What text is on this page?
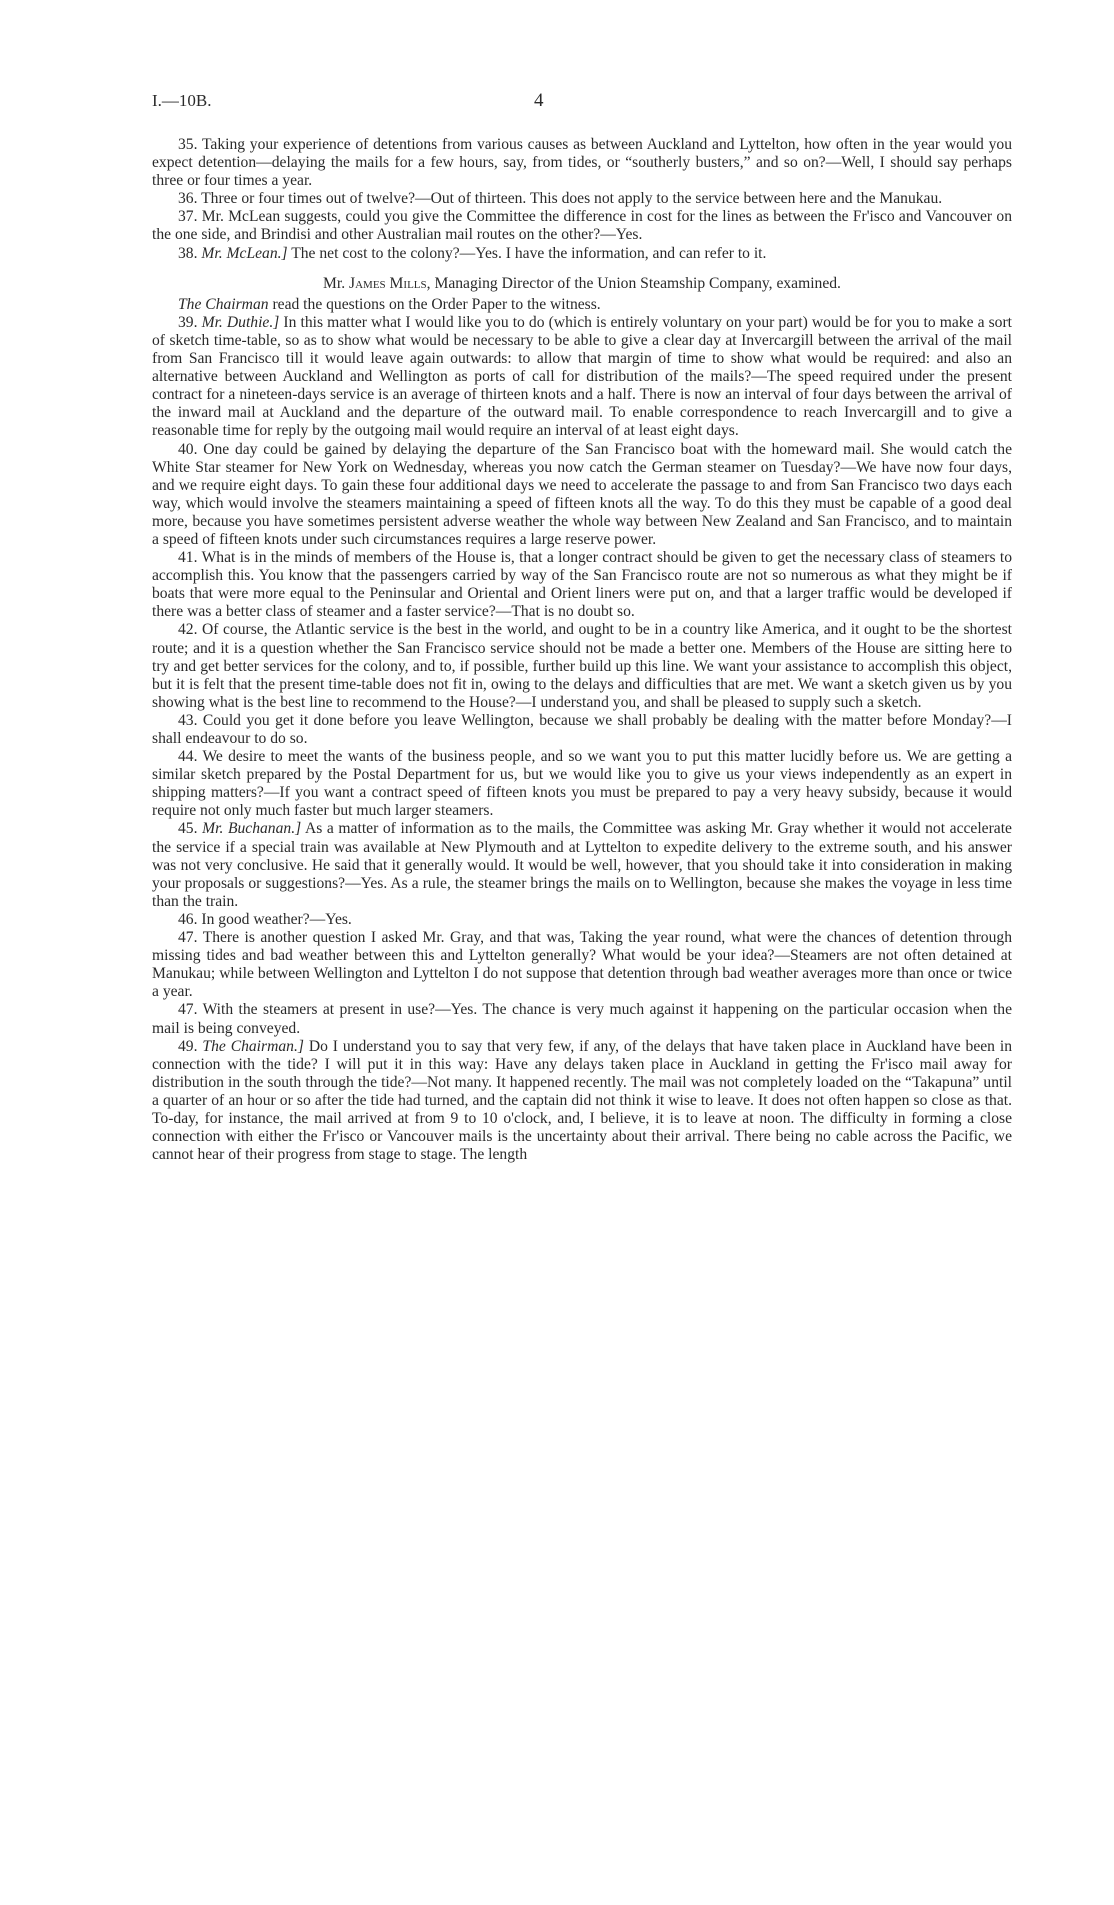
I.—10B.	4

35. Taking your experience of detentions from various causes as between Auckland and Lyttelton, how often in the year would you expect detention—delaying the mails for a few hours, say, from tides, or “southerly busters,” and so on?—Well, I should say perhaps three or four times a year.

36. Three or four times out of twelve?—Out of thirteen. This does not apply to the service between here and the Manukau.

37. Mr. McLean suggests, could you give the Committee the difference in cost for the lines as between the Fr'isco and Vancouver on the one side, and Brindisi and other Australian mail routes on the other?—Yes.

38. Mr. McLean.] The net cost to the colony?—Yes. I have the information, and can refer to it.

Mr. James Mills, Managing Director of the Union Steamship Company, examined.

The Chairman read the questions on the Order Paper to the witness.

39. Mr. Duthie.] In this matter what I would like you to do (which is entirely voluntary on your part) would be for you to make a sort of sketch time-table, so as to show what would be necessary to be able to give a clear day at Invercargill between the arrival of the mail from San Francisco till it would leave again outwards: to allow that margin of time to show what would be required: and also an alternative between Auckland and Wellington as ports of call for distribution of the mails?—The speed required under the present contract for a nineteen-days service is an average of thirteen knots and a half. There is now an interval of four days between the arrival of the inward mail at Auckland and the departure of the outward mail. To enable correspondence to reach Invercargill and to give a reasonable time for reply by the outgoing mail would require an interval of at least eight days.

40. One day could be gained by delaying the departure of the San Francisco boat with the homeward mail. She would catch the White Star steamer for New York on Wednesday, whereas you now catch the German steamer on Tuesday?—We have now four days, and we require eight days. To gain these four additional days we need to accelerate the passage to and from San Francisco two days each way, which would involve the steamers maintaining a speed of fifteen knots all the way. To do this they must be capable of a good deal more, because you have sometimes persistent adverse weather the whole way between New Zealand and San Francisco, and to maintain a speed of fifteen knots under such circumstances requires a large reserve power.

41. What is in the minds of members of the House is, that a longer contract should be given to get the necessary class of steamers to accomplish this. You know that the passengers carried by way of the San Francisco route are not so numerous as what they might be if boats that were more equal to the Peninsular and Oriental and Orient liners were put on, and that a larger traffic would be developed if there was a better class of steamer and a faster service?—That is no doubt so.

42. Of course, the Atlantic service is the best in the world, and ought to be in a country like America, and it ought to be the shortest route; and it is a question whether the San Francisco service should not be made a better one. Members of the House are sitting here to try and get better services for the colony, and to, if possible, further build up this line. We want your assistance to accomplish this object, but it is felt that the present time-table does not fit in, owing to the delays and difficulties that are met. We want a sketch given us by you showing what is the best line to recommend to the House?—I understand you, and shall be pleased to supply such a sketch.

43. Could you get it done before you leave Wellington, because we shall probably be dealing with the matter before Monday?—I shall endeavour to do so.

44. We desire to meet the wants of the business people, and so we want you to put this matter lucidly before us. We are getting a similar sketch prepared by the Postal Department for us, but we would like you to give us your views independently as an expert in shipping matters?—If you want a contract speed of fifteen knots you must be prepared to pay a very heavy subsidy, because it would require not only much faster but much larger steamers.

45. Mr. Buchanan.] As a matter of information as to the mails, the Committee was asking Mr. Gray whether it would not accelerate the service if a special train was available at New Plymouth and at Lyttelton to expedite delivery to the extreme south, and his answer was not very conclusive. He said that it generally would. It would be well, however, that you should take it into consideration in making your proposals or suggestions?—Yes. As a rule, the steamer brings the mails on to Wellington, because she makes the voyage in less time than the train.

46. In good weather?—Yes.

47. There is another question I asked Mr. Gray, and that was, Taking the year round, what were the chances of detention through missing tides and bad weather between this and Lyttelton generally? What would be your idea?—Steamers are not often detained at Manukau; while between Wellington and Lyttelton I do not suppose that detention through bad weather averages more than once or twice a year.

47. With the steamers at present in use?—Yes. The chance is very much against it happening on the particular occasion when the mail is being conveyed.

49. The Chairman.] Do I understand you to say that very few, if any, of the delays that have taken place in Auckland have been in connection with the tide? I will put it in this way: Have any delays taken place in Auckland in getting the Fr'isco mail away for distribution in the south through the tide?—Not many. It happened recently. The mail was not completely loaded on the “Takapuna” until a quarter of an hour or so after the tide had turned, and the captain did not think it wise to leave. It does not often happen so close as that. To-day, for instance, the mail arrived at from 9 to 10 o'clock, and, I believe, it is to leave at noon. The difficulty in forming a close connection with either the Fr'isco or Vancouver mails is the uncertainty about their arrival. There being no cable across the Pacific, we cannot hear of their progress from stage to stage. The length
